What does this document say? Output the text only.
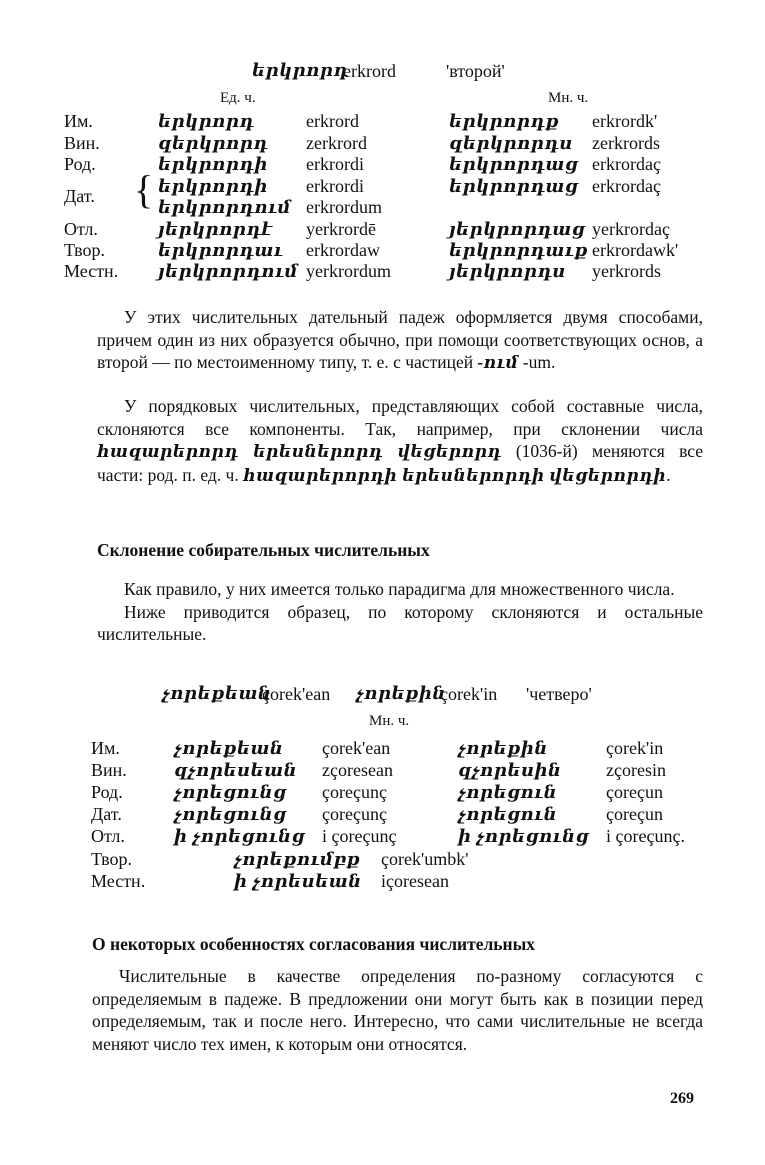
երկրորդ
erkrord	'второй'
Ед. ч.	Мн. ч.
Им.	երկրորդ	erkrord	երկրորդք erkrordk'
Вин.	զերկրորդ zerkrord	զերկրորդս zerkrords
Род.	երկրորդի erkrordi	երկրորդաց erkrordaç
Дат. { երկրորդի erkrordi	երկրորդաց erkrordaç
երկրորդում erkrordum
Отл.	յերկրորդէ yerkrordē	յերկրորդաց yerkrordaç
Твор.	երկրորդաւ erkrordaw	երկրորդաւք erkrordawk'
Местн. յերկրորդում yerkrordum	յերկրորդս yerkrords

У этих числительных дательный падеж оформляется двумя способами, причем один из них образуется обычно, при помощи соответствующих основ, а второй — по местоименному типу, т. е. с частицей -ում -um.

У порядковых числительных, представляющих собой составные числа, склоняются все компоненты. Так, например, при склонении числа հազարերորդ երեսներորդ վեցերորդ (1036-й) меняются все части: род. п. ед. ч. հազարերորդի երեսներորդի վեցերորդի.

Склонение собирательных числительных

Как правило, у них имеется только парадигма для множественного числа.

Ниже приводится образец, по которому склоняются и остальные числительные.

չորեքեան
çorek'ean չորեքին
çorek'in 'четверо'
Мн. ч.
Им.	չորեքեան çorek'ean	չորեքին	çorek'in
Вин.	զչորեսեան zçoresean	զչորեսին zçoresin
Род.	չորեցունց çoreçunç	չորեցուն	çoreçun
Дат.	չորեցունց çoreçunç	չորեցուն	çoreçun
Отл.	ի չորեցունց i çoreçunç	ի չորեցունց i çoreçunç.
Твор.	չորեքումբք çorek'umbk'
Местн.	ի չորեսեան içoresean
О некоторых особенностях согласования числительных

Числительные в качестве определения по-разному согласуются с определяемым в падеже. В предложении они могут быть как в позиции перед определяемым, так и после него. Интересно, что сами числительные не всегда меняют число тех имен, к которым они относятся.

269
